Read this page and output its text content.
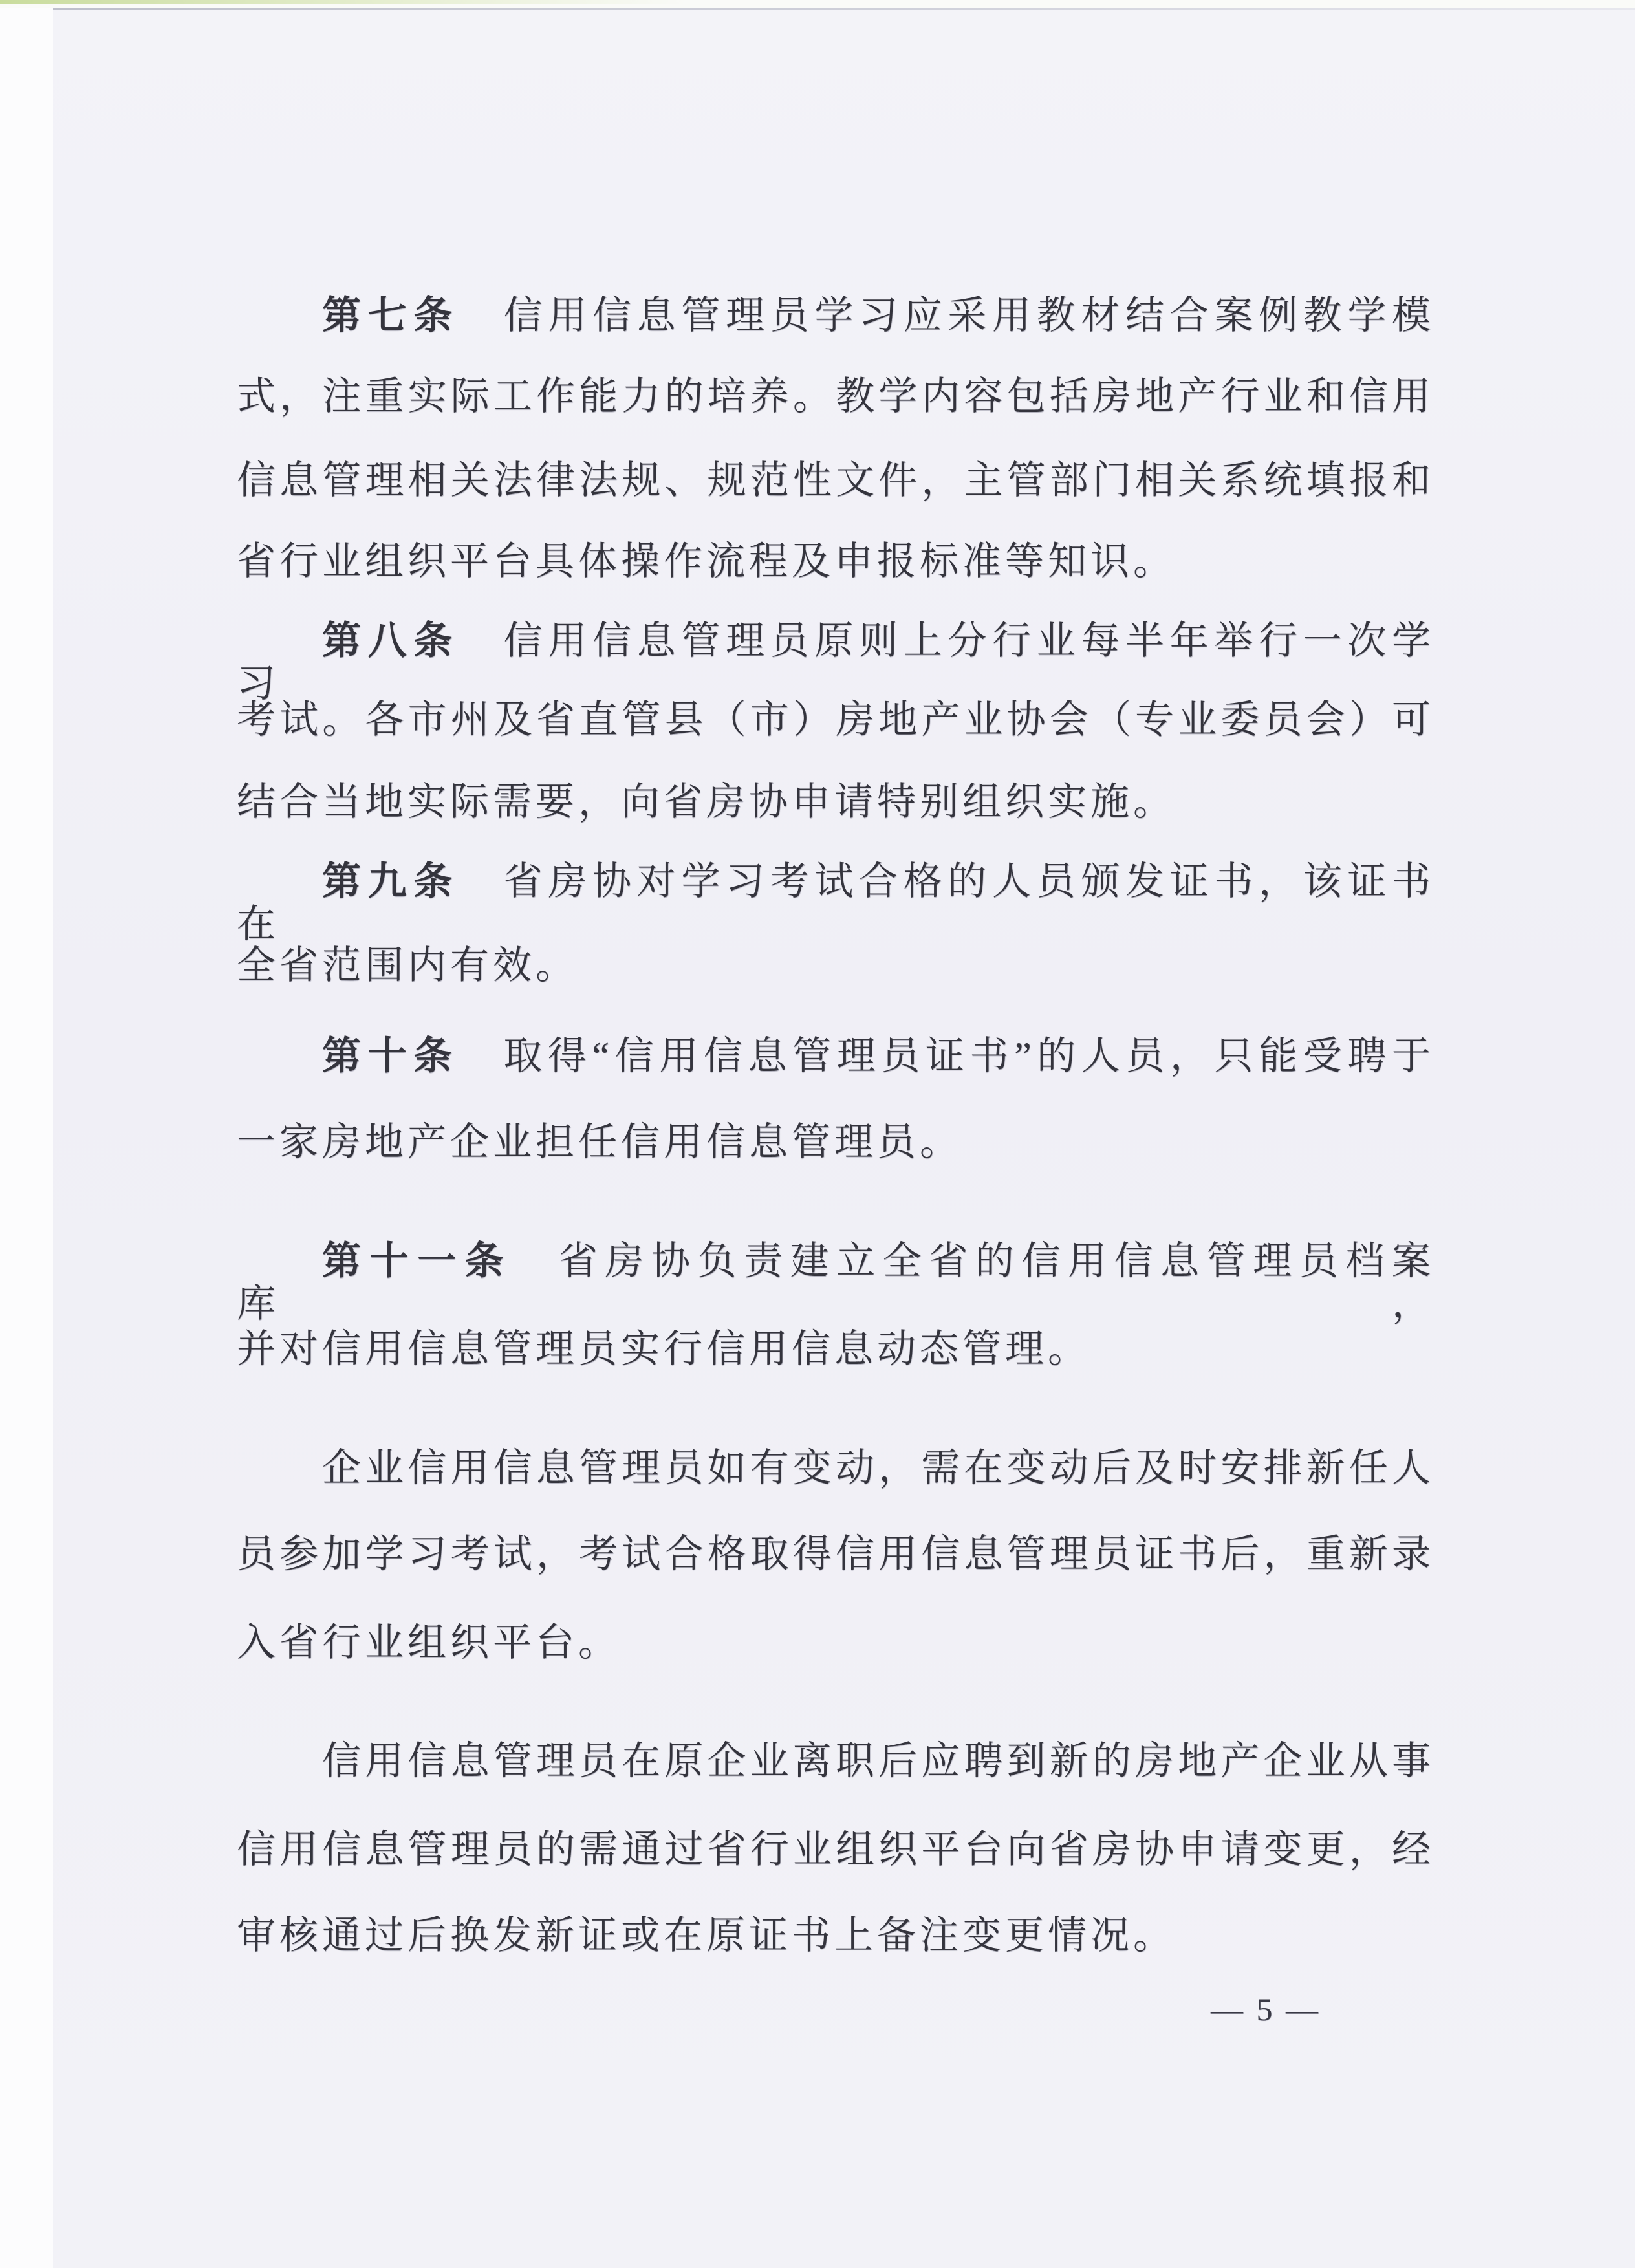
第七条　信用信息管理员学习应采用教材结合案例教学模
式，注重实际工作能力的培养。教学内容包括房地产行业和信用
信息管理相关法律法规、规范性文件，主管部门相关系统填报和
省行业组织平台具体操作流程及申报标准等知识。
第八条　信用信息管理员原则上分行业每半年举行一次学习
考试。各市州及省直管县（市）房地产业协会（专业委员会）可
结合当地实际需要，向省房协申请特别组织实施。
第九条　省房协对学习考试合格的人员颁发证书，该证书在
全省范围内有效。
第十条　取得“信用信息管理员证书”的人员，只能受聘于
一家房地产企业担任信用信息管理员。
第十一条　省房协负责建立全省的信用信息管理员档案库，
并对信用信息管理员实行信用信息动态管理。
企业信用信息管理员如有变动，需在变动后及时安排新任人
员参加学习考试，考试合格取得信用信息管理员证书后，重新录
入省行业组织平台。
信用信息管理员在原企业离职后应聘到新的房地产企业从事
信用信息管理员的需通过省行业组织平台向省房协申请变更，经
审核通过后换发新证或在原证书上备注变更情况。
— 5 —
